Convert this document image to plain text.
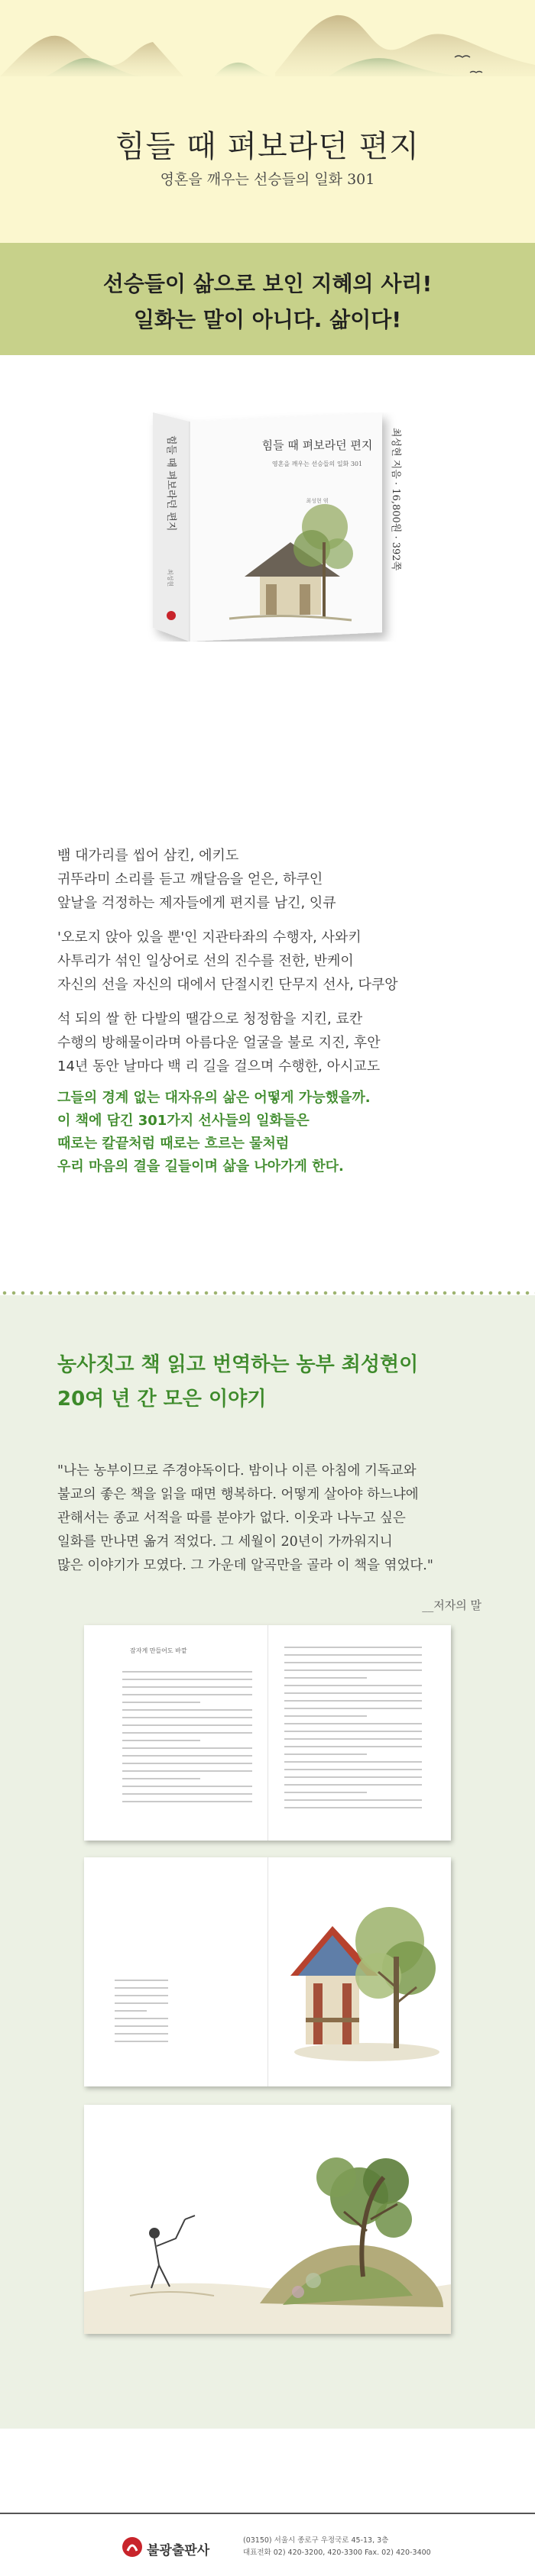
힘들 때 펴보라던 편지
영혼을 깨우는 선승들의 일화 301
선승들이 삶으로 보인 지혜의 사리!
일화는 말이 아니다. 삶이다!
힘들 때 펴보라던 편지
영혼을 깨우는 선승들의 일화 301
최성현 엮
힘들 때 펴보라던 편지
최성현
최성현 지음 · 16,800원 · 392쪽

뱀 대가리를 씹어 삼킨, 에키도

귀뚜라미 소리를 듣고 깨달음을 얻은, 하쿠인

앞날을 걱정하는 제자들에게 편지를 남긴, 잇큐

'오로지 앉아 있을 뿐'인 지관타좌의 수행자, 사와키

사투리가 섞인 일상어로 선의 진수를 전한, 반케이

자신의 선을 자신의 대에서 단절시킨 단무지 선사, 다쿠앙

석 되의 쌀 한 다발의 땔감으로 청정함을 지킨, 료칸

수행의 방해물이라며 아름다운 얼굴을 불로 지진, 후안

14년 동안 날마다 백 리 길을 걸으며 수행한, 아시교도

그들의 경계 없는 대자유의 삶은 어떻게 가능했을까.

이 책에 담긴 301가지 선사들의 일화들은

때로는 칼끝처럼 때로는 흐르는 물처럼

우리 마음의 결을 길들이며 삶을 나아가게 한다.

농사짓고 책 읽고 번역하는 농부 최성현이
20여 년 간 모은 이야기

"나는 농부이므로 주경야독이다. 밤이나 이른 아침에 기독교와

불교의 좋은 책을 읽을 때면 행복하다. 어떻게 살아야 하느냐에

관해서는 종교 서적을 따를 분야가 없다. 이웃과 나누고 싶은

일화를 만나면 옮겨 적었다. 그 세월이 20년이 가까워지니

많은 이야기가 모였다. 그 가운데 알곡만을 골라 이 책을 엮었다."

__저자의 말
잠자게 만들어도 바깥
불광출판사
(03150) 서울시 종로구 우정국로 45-13, 3층
대표전화 02) 420-3200, 420-3300 Fax. 02) 420-3400
